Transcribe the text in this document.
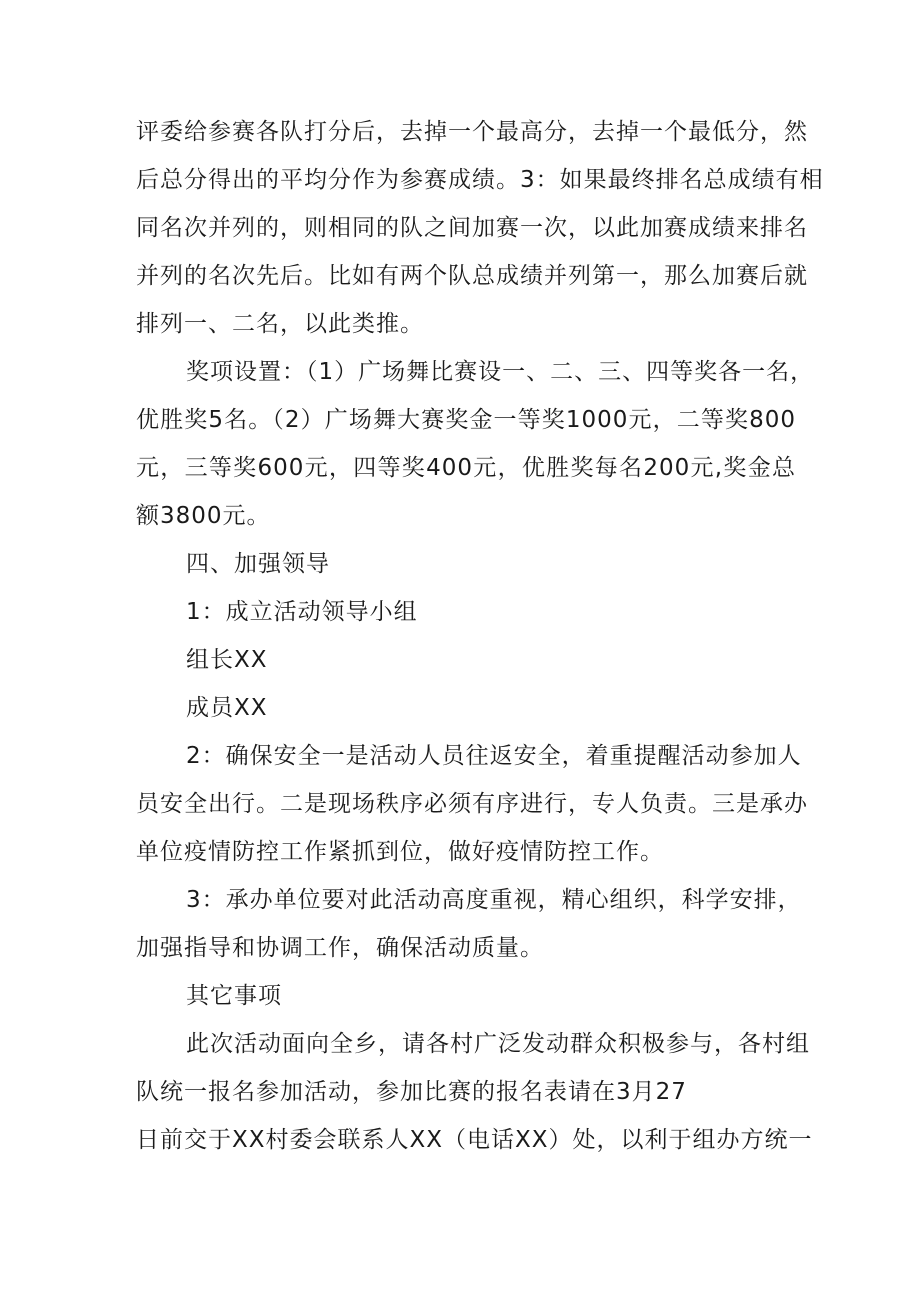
评委给参赛各队打分后，去掉一个最高分，去掉一个最低分，然
后总分得出的平均分作为参赛成绩。3：如果最终排名总成绩有相
同名次并列的，则相同的队之间加赛一次，以此加赛成绩来排名
并列的名次先后。比如有两个队总成绩并列第一，那么加赛后就
排列一、二名，以此类推。
奖项设置：（1）广场舞比赛设一、二、三、四等奖各一名，
优胜奖5名。（2）广场舞大赛奖金一等奖1000元，二等奖800
元，三等奖600元，四等奖400元，优胜奖每名200元,奖金总
额3800元。
四、加强领导
1：成立活动领导小组
组长XX
成员XX
2：确保安全一是活动人员往返安全，着重提醒活动参加人
员安全出行。二是现场秩序必须有序进行，专人负责。三是承办
单位疫情防控工作紧抓到位，做好疫情防控工作。
3：承办单位要对此活动高度重视，精心组织，科学安排，
加强指导和协调工作，确保活动质量。
其它事项
此次活动面向全乡，请各村广泛发动群众积极参与，各村组
队统一报名参加活动，参加比赛的报名表请在3月27
日前交于XX村委会联系人XX（电话XX）处，以利于组办方统一
